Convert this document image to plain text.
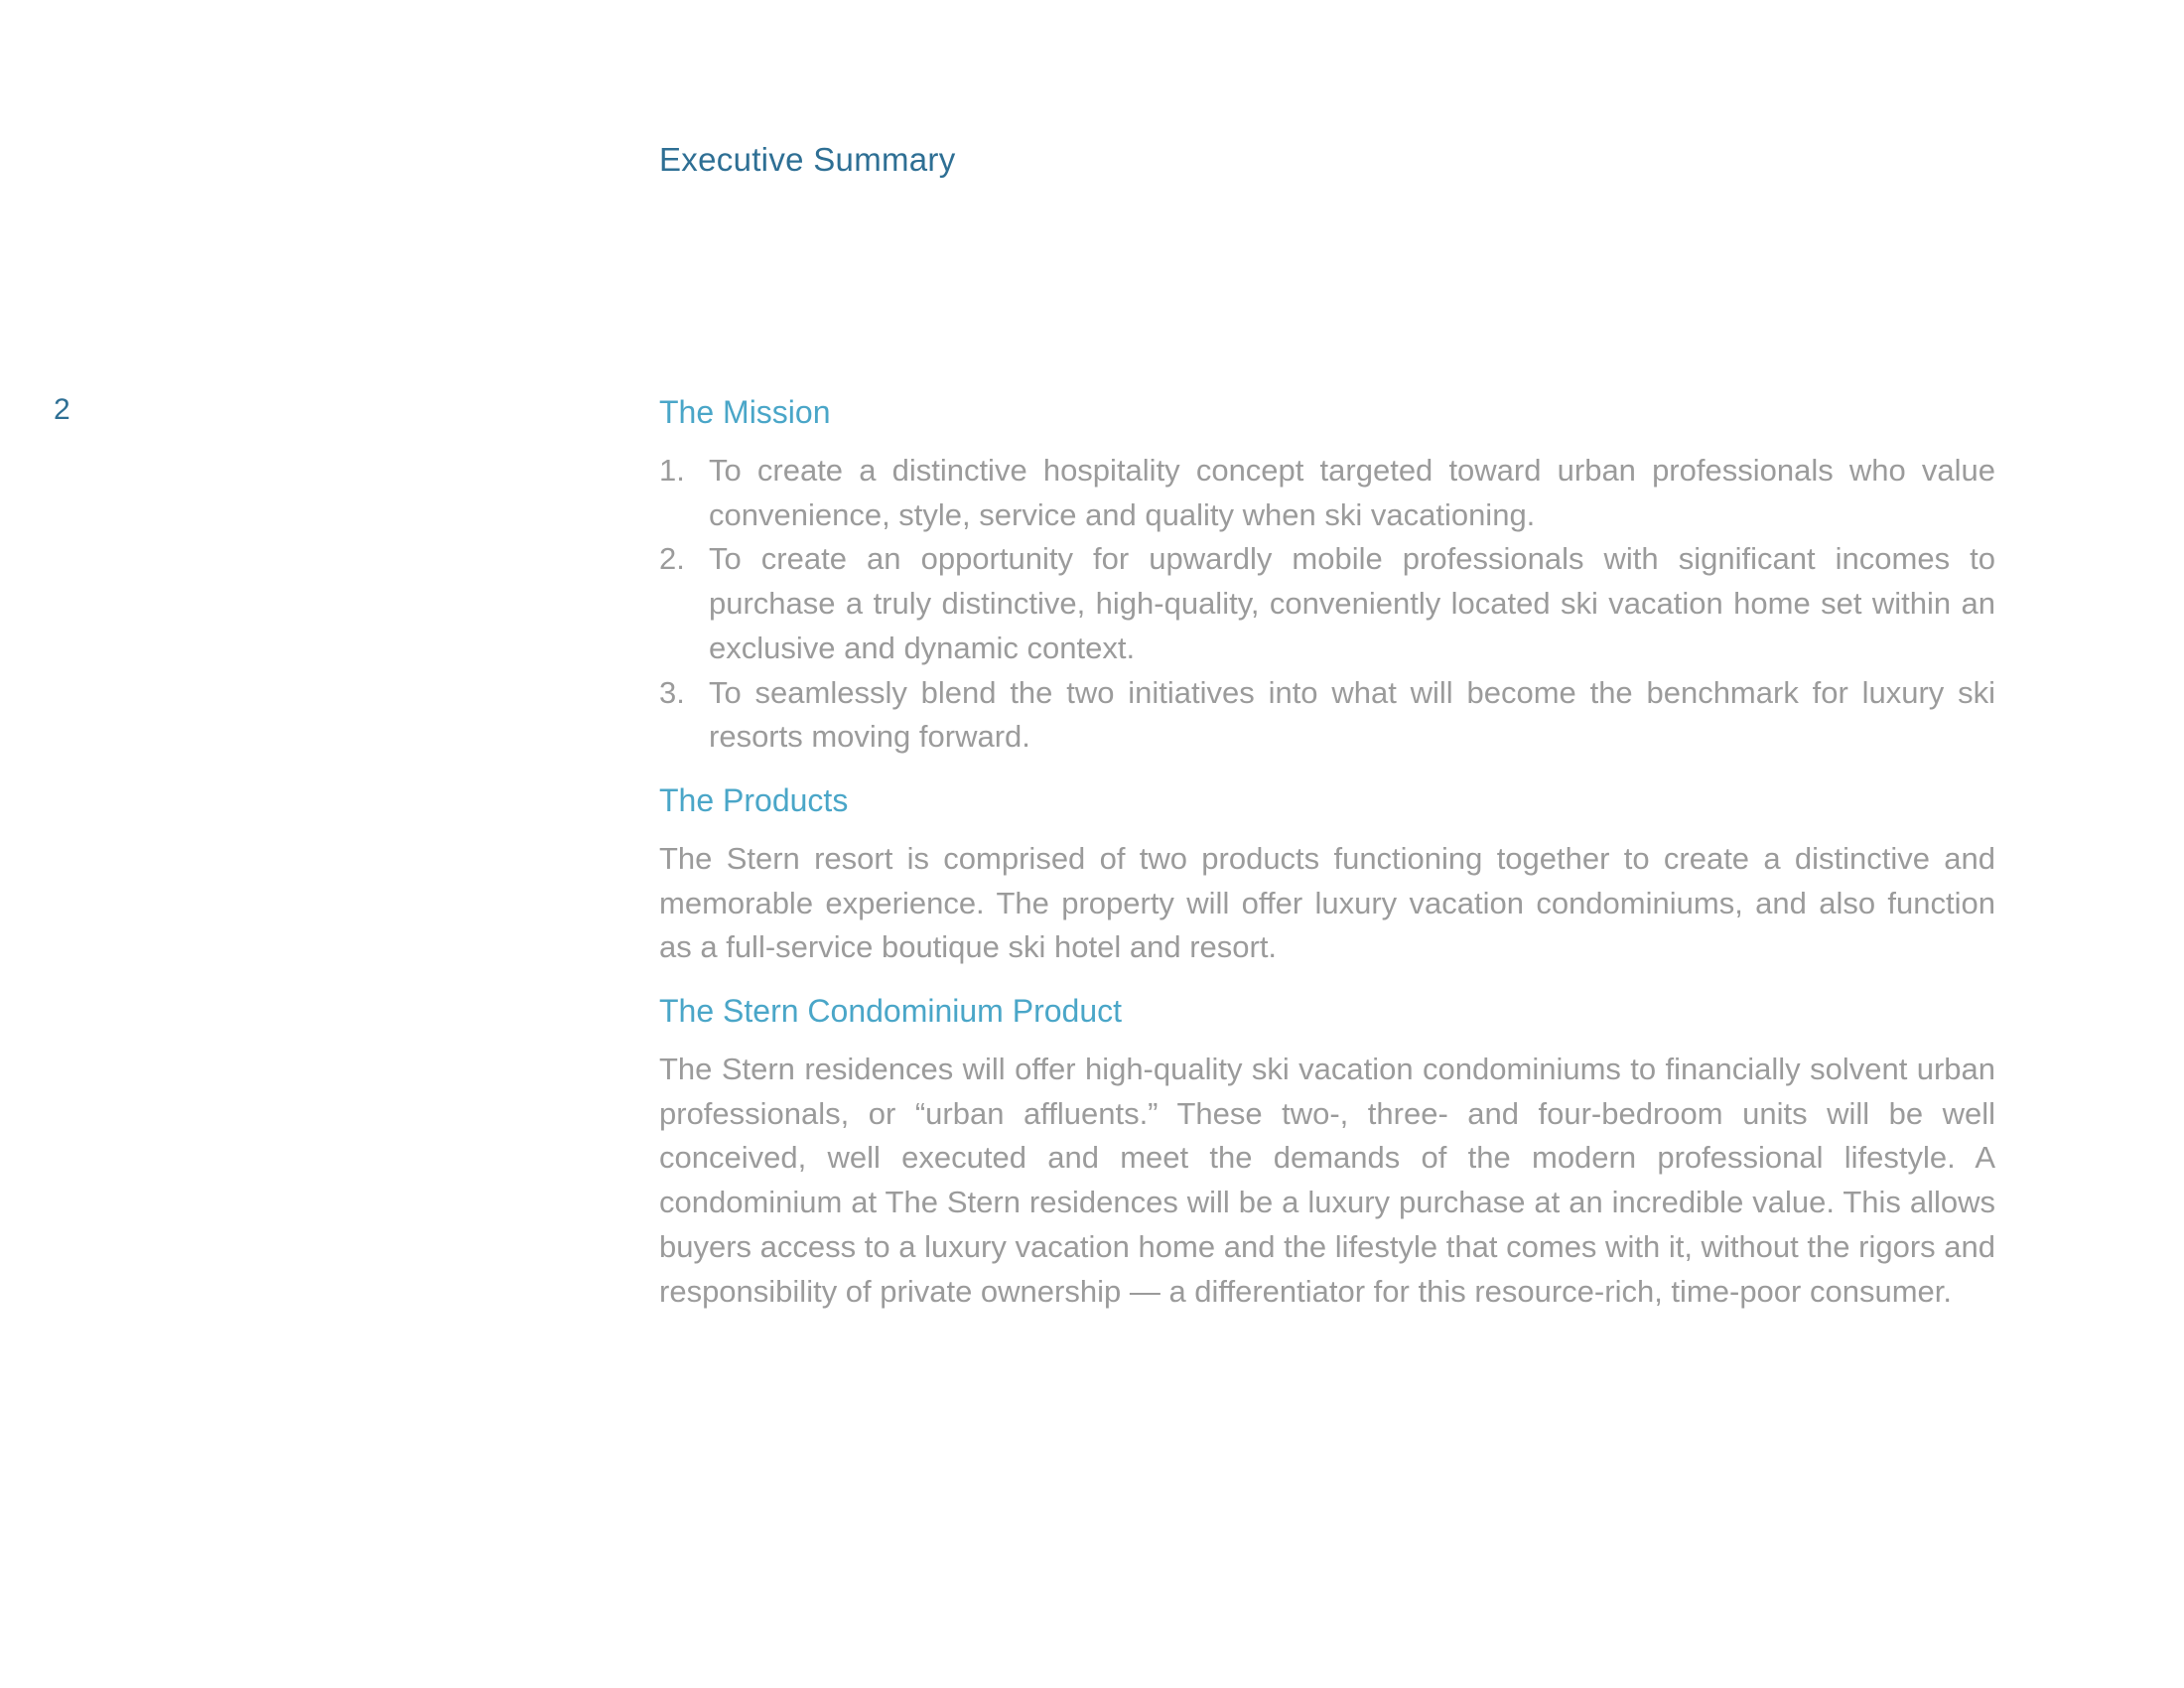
Executive Summary
2	The Mission
1. To create a distinctive hospitality concept targeted toward urban professionals who value convenience, style, service and quality when ski vacationing.
2. To create an opportunity for upwardly mobile professionals with significant incomes to purchase a truly distinctive, high-quality, conveniently located ski vacation home set within an exclusive and dynamic context.
3. To seamlessly blend the two initiatives into what will become the benchmark for luxury ski resorts moving forward.
The Products

The Stern resort is comprised of two products functioning together to create a distinctive and memorable experience. The property will offer luxury vacation condominiums, and also function as a full-service boutique ski hotel and resort.

The Stern Condominium Product

The Stern residences will offer high-quality ski vacation condominiums to financially solvent urban professionals, or “urban affluents.” These two-, three- and four-bedroom units will be well conceived, well executed and meet the demands of the modern professional lifestyle. A condominium at The Stern residences will be a luxury purchase at an incredible value. This allows buyers access to a luxury vacation home and the lifestyle that comes with it, without the rigors and responsibility of private ownership — a differentiator for this resource-rich, time-poor consumer.
